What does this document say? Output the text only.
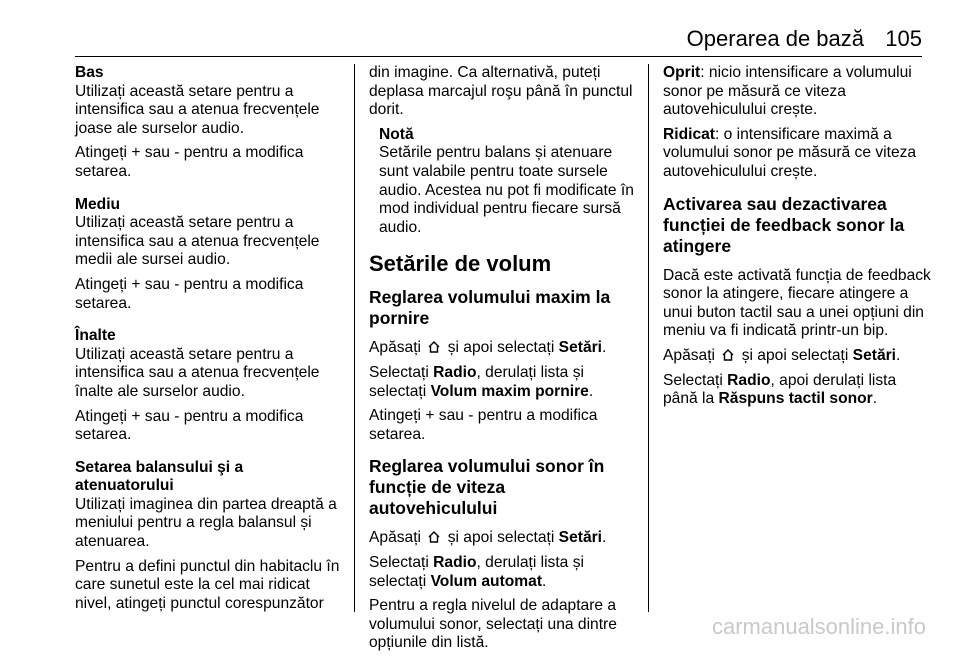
Operarea de bază 105
Bas

Utilizați această setare pentru a intensifica sau a atenua frecvențele joase ale surselor audio.

Atingeți + sau - pentru a modifica setarea.

Mediu

Utilizați această setare pentru a intensifica sau a atenua frecvențele medii ale sursei audio.

Atingeți + sau - pentru a modifica setarea.

Înalte

Utilizați această setare pentru a intensifica sau a atenua frecvențele înalte ale surselor audio.

Atingeți + sau - pentru a modifica setarea.

Setarea balansului şi a atenuatorului

Utilizați imaginea din partea dreaptă a meniului pentru a regla balansul și atenuarea.

Pentru a defini punctul din habitaclu în care sunetul este la cel mai ridicat nivel, atingeți punctul corespunzător

din imagine. Ca alternativă, puteți deplasa marcajul roşu până în punctul dorit.

Notă
Setările pentru balans și atenuare sunt valabile pentru toate sursele audio. Acestea nu pot fi modificate în mod individual pentru fiecare sursă audio.
Setările de volum
Reglarea volumului maxim la pornire

Apăsați și apoi selectați Setări.

Selectați Radio, derulați lista și selectați Volum maxim pornire.

Atingeți + sau - pentru a modifica setarea.

Reglarea volumului sonor în funcție de viteza autovehiculului

Apăsați și apoi selectați Setări.

Selectați Radio, derulați lista și selectați Volum automat.

Pentru a regla nivelul de adaptare a volumului sonor, selectați una dintre opțiunile din listă.

Oprit: nicio intensificare a volumului sonor pe măsură ce viteza autovehiculului crește.

Ridicat: o intensificare maximă a volumului sonor pe măsură ce viteza autovehiculului crește.

Activarea sau dezactivarea funcției de feedback sonor la atingere

Dacă este activată funcția de feedback sonor la atingere, fiecare atingere a unui buton tactil sau a unei opțiuni din meniu va fi indicată printr-un bip.

Apăsați și apoi selectați Setări.

Selectați Radio, apoi derulați lista până la Răspuns tactil sonor.

carmanualsonline.info
